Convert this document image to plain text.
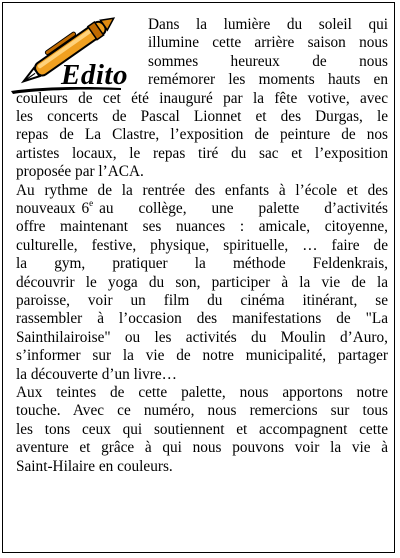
Edito
Dans la lumière du soleil qui
illumine cette arrière saison nous
sommes heureux de nous
remémorer les moments hauts en
couleurs de cet été inauguré par la fête votive, avec
les concerts de Pascal Lionnet et des Durgas, le
repas de La Clastre, l’exposition de peinture de nos
artistes locaux, le repas tiré du sac et l’exposition
proposée par l’ACA.
Au rythme de la rentrée des enfants à l’école et des
nouveaux 6e au collège, une palette d’activités
offre maintenant ses nuances : amicale, citoyenne,
culturelle, festive, physique, spirituelle, … faire de
la gym, pratiquer la méthode Feldenkrais,
découvrir le yoga du son, participer à la vie de la
paroisse, voir un film du cinéma itinérant, se
rassembler à l’occasion des manifestations de "La
Sainthilairoise" ou les activités du Moulin d’Auro,
s’informer sur la vie de notre municipalité, partager
la découverte d’un livre…
Aux teintes de cette palette, nous apportons notre
touche. Avec ce numéro, nous remercions sur tous
les tons ceux qui soutiennent et accompagnent cette
aventure et grâce à qui nous pouvons voir la vie à
Saint-Hilaire en couleurs.
